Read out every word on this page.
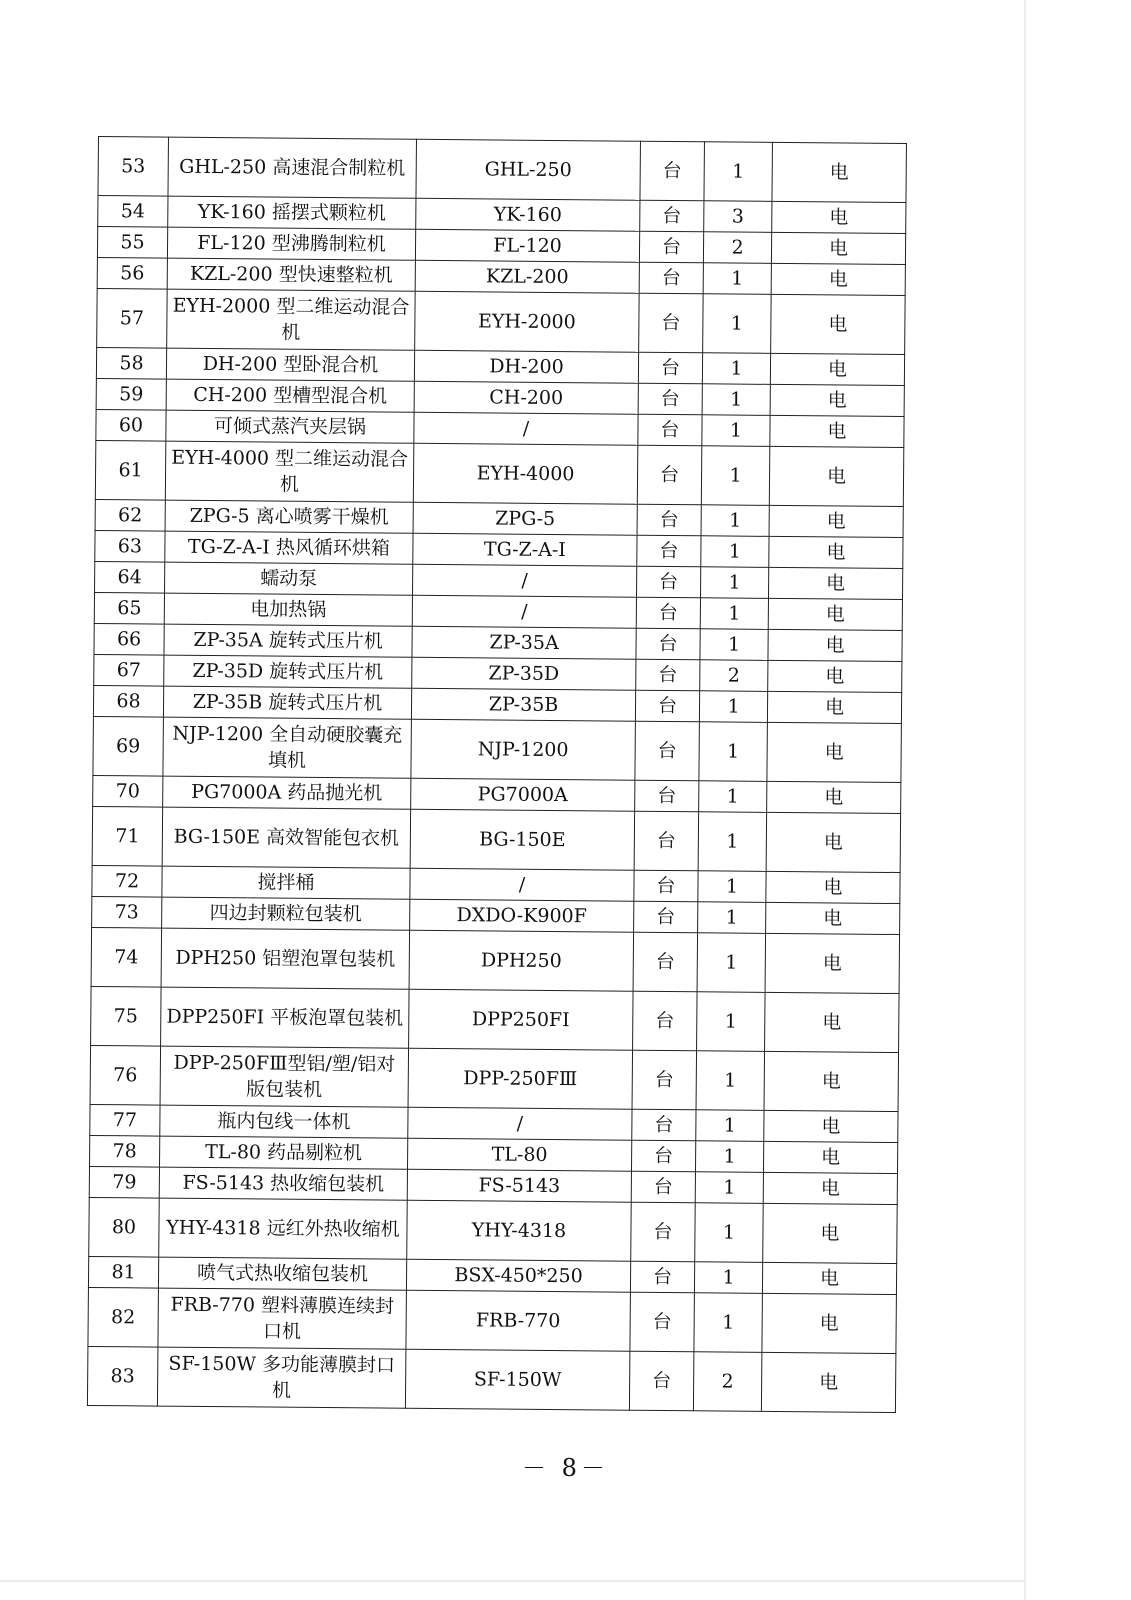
53	GHL-250 高速混合制粒机	GHL-250	台	1	电
54	YK-160 摇摆式颗粒机	YK-160	台	3	电
55	FL-120 型沸腾制粒机	FL-120	台	2	电
56	KZL-200 型快速整粒机	KZL-200	台	1	电
57	EYH-2000 型二维运动混合机	EYH-2000	台	1	电
58	DH-200 型卧混合机	DH-200	台	1	电
59	CH-200 型槽型混合机	CH-200	台	1	电
60	可倾式蒸汽夹层锅	/	台	1	电
61	EYH-4000 型二维运动混合机	EYH-4000	台	1	电
62	ZPG-5 离心喷雾干燥机	ZPG-5	台	1	电
63	TG-Z-A-I 热风循环烘箱	TG-Z-A-I	台	1	电
64	蠕动泵	/	台	1	电
65	电加热锅	/	台	1	电
66	ZP-35A 旋转式压片机	ZP-35A	台	1	电
67	ZP-35D 旋转式压片机	ZP-35D	台	2	电
68	ZP-35B 旋转式压片机	ZP-35B	台	1	电
69	NJP-1200 全自动硬胶囊充填机	NJP-1200	台	1	电
70	PG7000A 药品抛光机	PG7000A	台	1	电
71	BG-150E 高效智能包衣机	BG-150E	台	1	电
72	搅拌桶	/	台	1	电
73	四边封颗粒包装机	DXDO-K900F	台	1	电
74	DPH250 铝塑泡罩包装机	DPH250	台	1	电
75	DPP250FI 平板泡罩包装机	DPP250FI	台	1	电
76	DPP-250FⅢ型铝/塑/铝对版包装机	DPP-250FⅢ	台	1	电
77	瓶内包线一体机	/	台	1	电
78	TL-80 药品剔粒机	TL-80	台	1	电
79	FS-5143 热收缩包装机	FS-5143	台	1	电
80	YHY-4318 远红外热收缩机	YHY-4318	台	1	电
81	喷气式热收缩包装机	BSX-450*250	台	1	电
82	FRB-770 塑料薄膜连续封口机	FRB-770	台	1	电
83	SF-150W 多功能薄膜封口机	SF-150W	台	2	电
－ 8－
